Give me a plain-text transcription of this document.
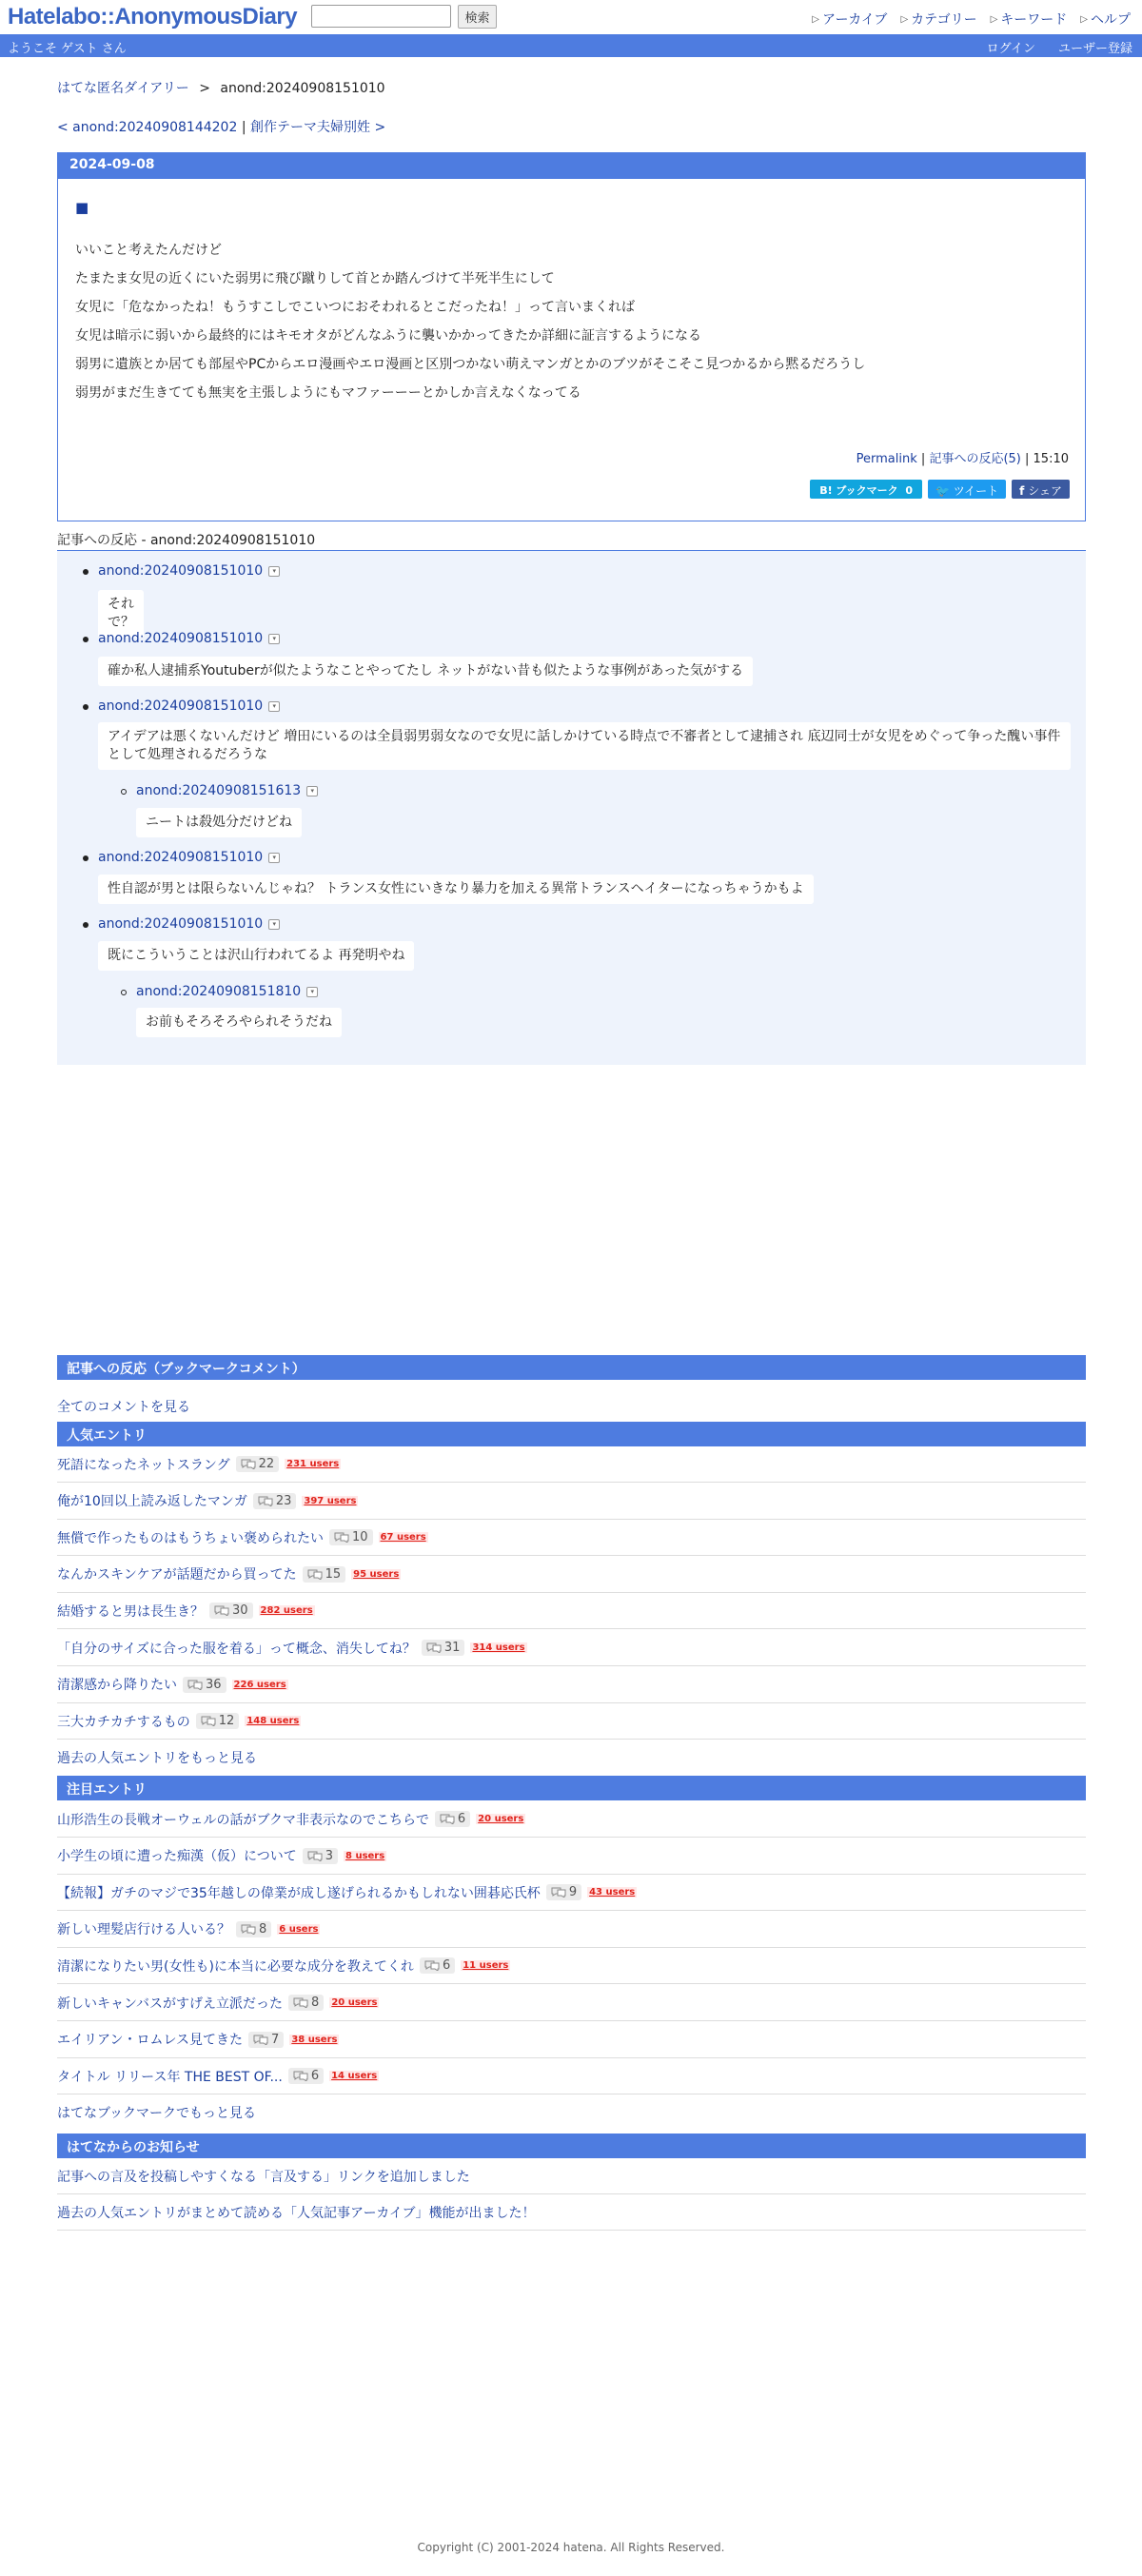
Hatelabo::AnonymousDiary	検索	▷ アーカイブ ▷ カテゴリー ▷ キーワード ▷ ヘルプ
ようこそ ゲスト さん	ログイン ユーザー登録
はてな匿名ダイアリー > anond:20240908151010
< anond:20240908144202 | 創作テーマ夫婦別姓 >
2024-09-08
■

いいこと考えたんだけど

たまたま女児の近くにいた弱男に飛び蹴りして首とか踏んづけて半死半生にして

女児に「危なかったね！もうすこしでこいつにおそわれるとこだったね！」って言いまくれば

女児は暗示に弱いから最終的にはキモオタがどんなふうに襲いかかってきたか詳細に証言するようになる

弱男に遺族とか居ても部屋やPCからエロ漫画やエロ漫画と区別つかない萌えマンガとかのブツがそこそこ見つかるから黙るだろうし

弱男がまだ生きてても無実を主張しようにもマファーーーとかしか言えなくなってる

Permalink | 記事への反応(5) | 15:10
B! ブックマーク 0	🐦 ツイート	f シェア
記事への反応 - anond:20240908151010
anond:20240908151010 ▾
それで？
anond:20240908151010 ▾
確か私人逮捕系Youtuberが似たようなことやってたし ネットがない昔も似たような事例があった気がする
anond:20240908151010 ▾
アイデアは悪くないんだけど 増田にいるのは全員弱男弱女なので女児に話しかけている時点で不審者として逮捕され 底辺同士が女児をめぐって争った醜い事件として処理されるだろうな
anond:20240908151613 ▾
ニートは殺処分だけどね
anond:20240908151010 ▾
性自認が男とは限らないんじゃね？ トランス女性にいきなり暴力を加える異常トランスヘイターになっちゃうかもよ
anond:20240908151010 ▾
既にこういうことは沢山行われてるよ 再発明やね
anond:20240908151810 ▾
お前もそろそろやられそうだね
記事への反応（ブックマークコメント）
全てのコメントを見る
人気エントリ
死語になったネットスラング 22 231 users
俺が10回以上読み返したマンガ 23 397 users
無償で作ったものはもうちょい褒められたい 10 67 users
なんかスキンケアが話題だから買ってた 15 95 users
結婚すると男は長生き？ 30 282 users
「自分のサイズに合った服を着る」って概念、消失してね？ 31 314 users
清潔感から降りたい 36 226 users
三大カチカチするもの 12 148 users
過去の人気エントリをもっと見る
注目エントリ
山形浩生の長戦オーウェルの話がブクマ非表示なのでこちらで 6 20 users
小学生の頃に遭った痴漢（仮）について 3 8 users
【続報】ガチのマジで35年越しの偉業が成し遂げられるかもしれない囲碁応氏杯 9 43 users
新しい理髪店行ける人いる？ 8 6 users
清潔になりたい男(女性も)に本当に必要な成分を教えてくれ 6 11 users
新しいキャンバスがすげえ立派だった 8 20 users
エイリアン・ロムレス見てきた 7 38 users
タイトル リリース年 THE BEST OF... 6 14 users
はてなブックマークでもっと見る
はてなからのお知らせ
記事への言及を投稿しやすくなる「言及する」リンクを追加しました
過去の人気エントリがまとめて読める「人気記事アーカイブ」機能が出ました！
Copyright (C) 2001-2024 hatena. All Rights Reserved.
